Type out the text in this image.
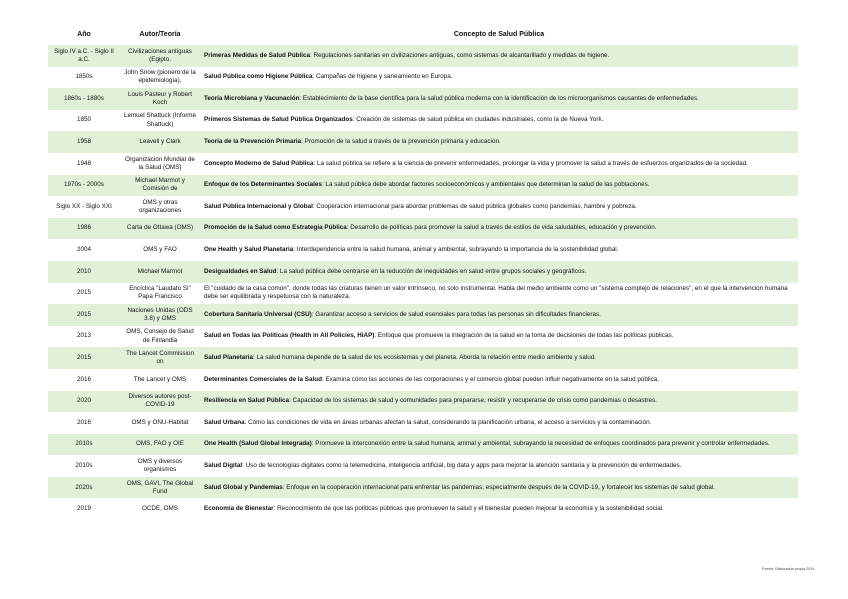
Año	Autor/Teoría	Concepto de Salud Pública
Siglo IV a.C. - Siglo II a.C.	Civilizaciones antiguas (Egipto,	Primeras Medidas de Salud Pública: Regulaciones sanitarias en civilizaciones antiguas, como sistemas de alcantarillado y medidas de higiene.
1850s	John Snow (pionero de la epidemiología),	Salud Pública como Higiene Pública: Campañas de higiene y saneamiento en Europa.
1860s - 1880s	Louis Pasteur y Robert Koch	Teoría Microbiana y Vacunación: Establecimiento de la base científica para la salud pública moderna con la identificación de los microorganismos causantes de enfermedades.
1850	Lemuel Shattuck (Informe Shattuck)	Primeros Sistemas de Salud Pública Organizados: Creación de sistemas de salud pública en ciudades industriales, como la de Nueva York.
1958	Leavell y Clark	Teoría de la Prevención Primaria: Promoción de la salud a través de la prevención primaria y educación.
1948	Organización Mundial de la Salud (OMS)	Concepto Moderno de Salud Pública: La salud pública se refiere a la ciencia de prevenir enfermedades, prolongar la vida y promover la salud a través de esfuerzos organizados de la sociedad.
1970s - 2000s	Michael Marmot y Comisión de	Enfoque de los Determinantes Sociales: La salud pública debe abordar factores socioeconómicos y ambientales que determinan la salud de las poblaciones.
Siglo XX - Siglo XXI	OMS y otras organizaciones	Salud Pública Internacional y Global: Cooperación internacional para abordar problemas de salud pública globales como pandemias, hambre y pobreza.
1986	Carta de Ottawa (OMS)	Promoción de la Salud como Estrategia Pública: Desarrollo de políticas para promover la salud a través de estilos de vida saludables, educación y prevención.
2004	OMS y FAO	One Health y Salud Planetaria: Interdependencia entre la salud humana, animal y ambiental, subrayando la importancia de la sostenibilidad global.
2010	Michael Marmot	Desigualdades en Salud: La salud pública debe centrarse en la reducción de inequidades en salud entre grupos sociales y geográficos.
2015	Encíclica "Laudato Si" Papa Francisco	El "cuidado de la casa común", donde todas las criaturas tienen un valor intrínseco, no solo instrumental. Habla del medio ambiente como un "sistema complejo de relaciones", en el que la intervención humana debe ser equilibrada y respetuosa con la naturaleza.
2015	Naciones Unidas (ODS 3.8) y OMS	Cobertura Sanitaria Universal (CSU): Garantizar acceso a servicios de salud esenciales para todas las personas sin dificultades financieras.
2013	OMS, Consejo de Salud de Finlandia	Salud en Todas las Políticas (Health in All Policies, HiAP): Enfoque que promueve la integración de la salud en la toma de decisiones de todas las políticas públicas.
2015	The Lancet Commission on	Salud Planetaria: La salud humana depende de la salud de los ecosistemas y del planeta. Aborda la relación entre medio ambiente y salud.
2016	The Lancet y OMS	Determinantes Comerciales de la Salud: Examina cómo las acciones de las corporaciones y el comercio global pueden influir negativamente en la salud pública.
2020	Diversos autores post-COVID-19	Resiliencia en Salud Pública: Capacidad de los sistemas de salud y comunidades para prepararse, resistir y recuperarse de crisis como pandemias o desastres.
2016	OMS y ONU-Habitat	Salud Urbana: Cómo las condiciones de vida en áreas urbanas afectan la salud, considerando la planificación urbana, el acceso a servicios y la contaminación.
2010s	OMS, FAO y OIE	One Health (Salud Global Integrada): Promueve la interconexión entre la salud humana, animal y ambiental, subrayando la necesidad de enfoques coordinados para prevenir y controlar enfermedades.
2010s	OMS y diversos organismos	Salud Digital: Uso de tecnologías digitales como la telemedicina, inteligencia artificial, big data y apps para mejorar la atención sanitaria y la prevención de enfermedades.
2020s	OMS, GAVI, The Global Fund	Salud Global y Pandemias: Enfoque en la cooperación internacional para enfrentar las pandemias, especialmente después de la COVID-19, y fortalecer los sistemas de salud global.
2019	OCDE, OMS	Economía de Bienestar: Reconocimiento de que las políticas públicas que promueven la salud y el bienestar pueden mejorar la economía y la sostenibilidad social.
Fuente: Elaboración propia 2024.
